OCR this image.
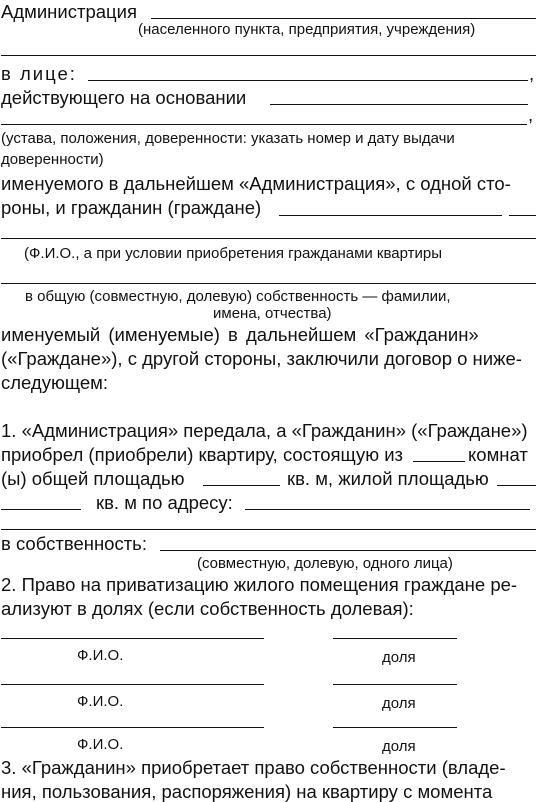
Администрация
(населенного пункта, предприятия, учреждения)
в лице:	,
действующего на основании
,
(устава, положения, доверенности: указать номер и дату выдачи
доверенности)
именуемого в дальнейшем «Администрация», с одной сто-
роны, и гражданин (граждане)
(Ф.И.О., а при условии приобретения гражданами квартиры
в общую (совместную, долевую) собственность — фамилии,
имена, отчества)
именуемый (именуемые) в дальнейшем «Гражданин»
(«Граждане»), с другой стороны, заключили договор о ниже-
следующем:
1. «Администрация» передала, а «Гражданин» («Граждане»)
приобрел (приобрели) квартиру, состоящую из	комнат
(ы) общей площадью	кв. м, жилой площадью
кв. м по адресу:
в собственность:
(совместную, долевую, одного лица)
2. Право на приватизацию жилого помещения граждане ре-
ализуют в долях (если собственность долевая):
Ф.И.О.	доля
Ф.И.О.	доля
Ф.И.О.	доля
3. «Гражданин» приобретает право собственности (владе-
ния, пользования, распоряжения) на квартиру с момента
